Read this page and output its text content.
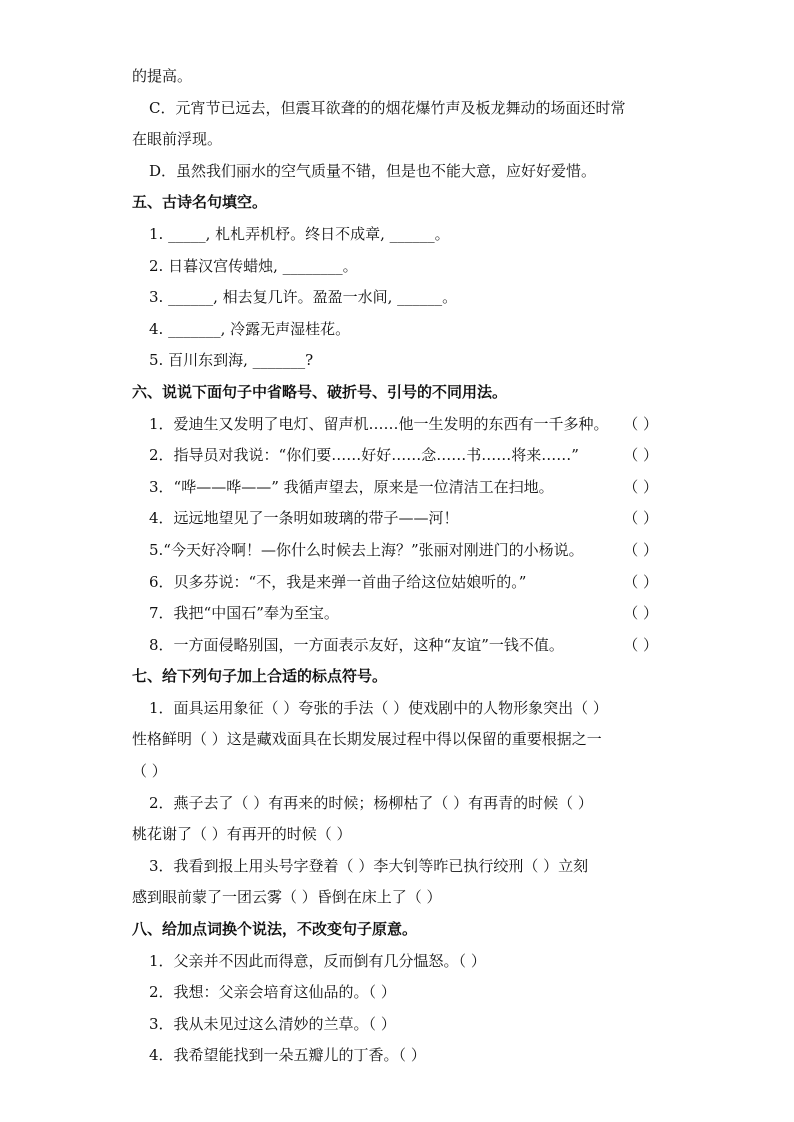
的提高。
C．元宵节已远去，但震耳欲聋的的烟花爆竹声及板龙舞动的场面还时常
在眼前浮现。
D．虽然我们丽水的空气质量不错，但是也不能大意，应好好爱惜。
五、古诗名句填空。
1. _____, 札札弄机杼。终日不成章, ______。
2. 日暮汉宫传蜡烛, ________。
3. ______, 相去复几许。盈盈一水间, ______。
4. _______, 冷露无声湿桂花。
5. 百川东到海, _______?
六、说说下面句子中省略号、破折号、引号的不同用法。
1．爱迪生又发明了电灯、留声机……他一生发明的东西有一千多种。 （ ）
2．指导员对我说：“你们要……好好……念……书……将来……”	（ ）
3．“哗——哗——” 我循声望去，原来是一位清洁工在扫地。	（ ）
4．远远地望见了一条明如玻璃的带子——河！	（ ）
5.“今天好冷啊！—你什么时候去上海？”张丽对刚进门的小杨说。	（ ）
6．贝多芬说：“不，我是来弹一首曲子给这位姑娘听的。”	（ ）
7．我把“中国石”奉为至宝。	（ ）
8．一方面侵略别国，一方面表示友好，这种“友谊”一钱不值。	（ ）
七、给下列句子加上合适的标点符号。
1．面具运用象征（ ）夸张的手法（ ）使戏剧中的人物形象突出（ ）
性格鲜明（ ）这是藏戏面具在长期发展过程中得以保留的重要根据之一
（ ）
2．燕子去了（ ）有再来的时候；杨柳枯了（ ）有再青的时候（ ）
桃花谢了（ ）有再开的时候（ ）
3．我看到报上用头号字登着（ ）李大钊等昨已执行绞刑（ ）立刻
感到眼前蒙了一团云雾（ ）昏倒在床上了（ ）
八、给加点词换个说法，不改变句子原意。
1．父亲并不因此而得意，反而倒有几分愠怒。（ ）
2．我想：父亲会培育这仙品的。（ ）
3．我从未见过这么清妙的兰草。（ ）
4．我希望能找到一朵五瓣儿的丁香。（ ）
